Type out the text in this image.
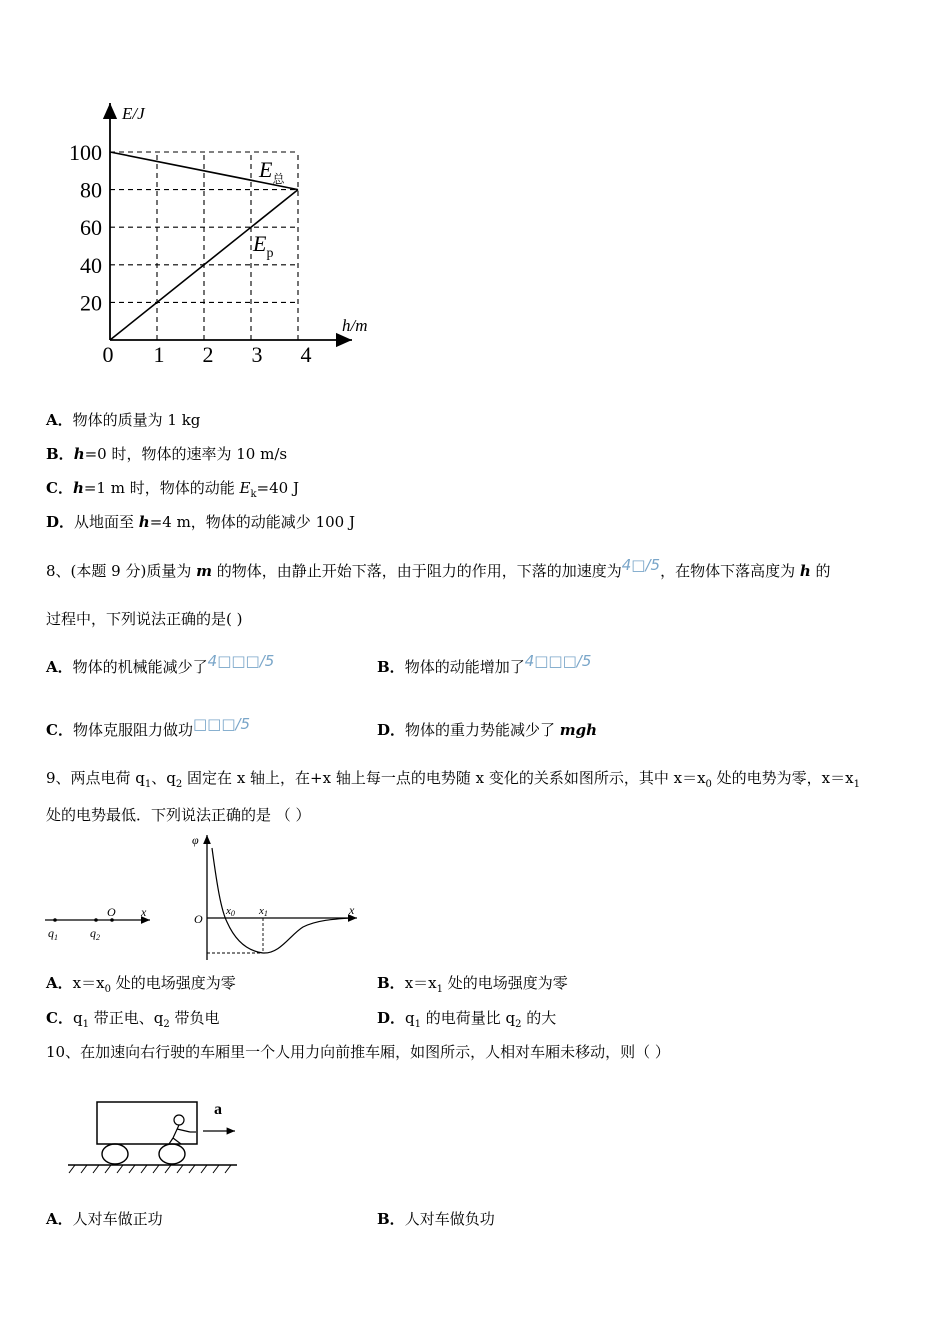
E/J
h/m
100
80
60
40
20
0 1 2 3 4
$E_总$
$E_p$
A．物体的质量为 1 kg
B．h=0 时，物体的速率为 10 m/s
C．h=1 m 时，物体的动能 $E_k=40$ J
D．从地面至 h=4 m，物体的动能减少 100 J
8、(本题 9 分)质量为 m 的物体，由静止开始下落，由于阻力的作用，下落的加速度为4□/5，在物体下落高度为 h 的
过程中，下列说法正确的是( )
A．物体的机械能减少了4□□□/5	B．物体的动能增加了4□□□/5
C．物体克服阻力做功□□□/5	D．物体的重力势能减少了 mgh
9、两点电荷 $q_1$、$q_2$ 固定在 x 轴上，在+x 轴上每一点的电势随 x 变化的关系如图所示，其中 $x=x_0$ 处的电势为零，$x=x_1$
处的电势最低．下列说法正确的是 （ ）
$q_1$	$q_2$
O x
φ
O
x0 x1	x
A．$x=x_0$ 处的电场强度为零	B．$x=x_1$ 处的电场强度为零
C．$q_1$ 带正电、$q_2$ 带负电	D．$q_1$ 的电荷量比 $q_2$ 的大
10、在加速向右行驶的车厢里一个人用力向前推车厢，如图所示，人相对车厢未移动，则（ ）
a
A．人对车做正功	B．人对车做负功
